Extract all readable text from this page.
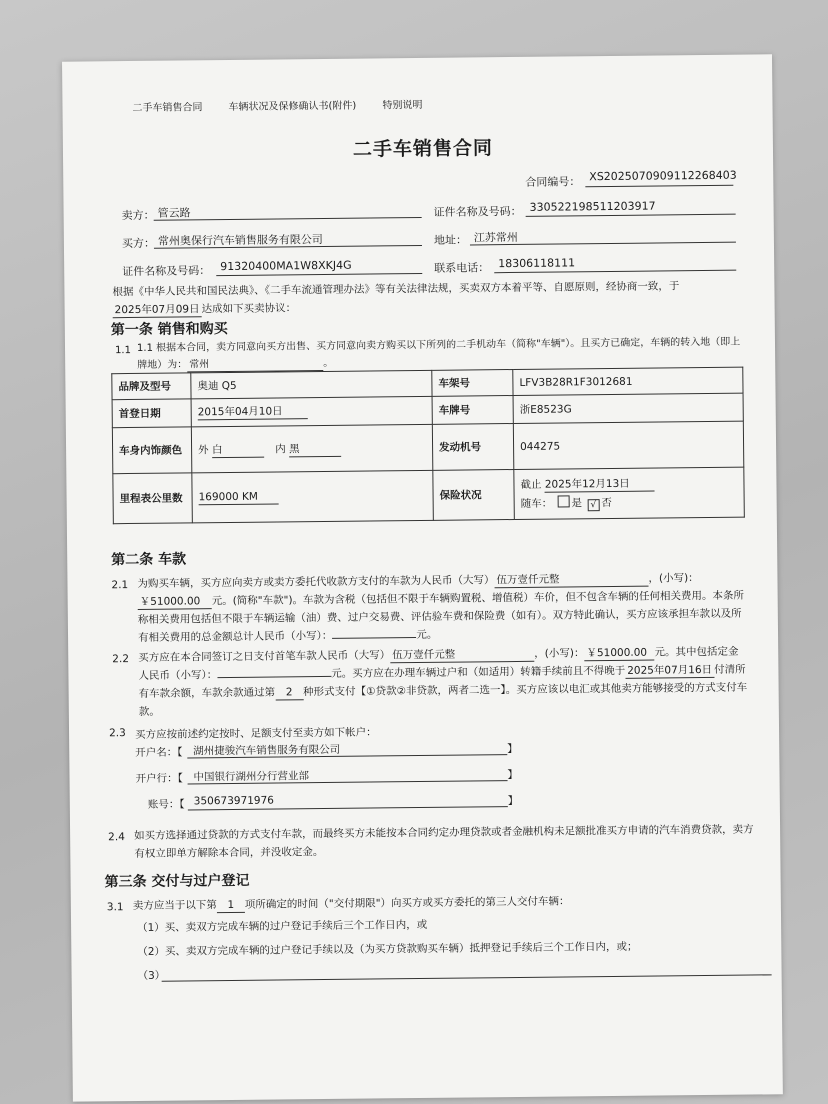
二手车销售合同	车辆状况及保修确认书(附件)	特别说明
二手车销售合同
合同编号： XS2025070909112268403
卖方： 管云路	证件名称及号码： 330522198511203917
买方： 常州奥保行汽车销售服务有限公司	地址： 江苏常州
证件名称及号码： 91320400MA1W8XKJ4G	联系电话： 18306118111
根据《中华人民共和国民法典》、《二手车流通管理办法》等有关法律法规，买卖双方本着平等、自愿原则，经协商一致，于2025年07月09日 达成如下买卖协议：
第一条 销售和购买
1.1 1.1 根据本合同，卖方同意向买方出售、买方同意向卖方购买以下所列的二手机动车（简称"车辆"）。且买方已确定，车辆的转入地（即上牌地）为： 常州	。
品牌及型号	奥迪 Q5	车架号	LFV3B28R1F3012681
首登日期	2015年04月10日	车牌号	浙E8523G
车身内饰颜色	外 白 内 黑	发动机号	044275
里程表公里数	169000 KM	保险状况	截止 2025年12月13日
随车： 是 √ 否
第二条 车款
2.1 为购买车辆，买方应向卖方或卖方委托代收款方支付的车款为人民币（大写） 伍万壹仟元整	，(小写)：￥51000.00 元。(简称"车款")。车款为含税（包括但不限于车辆购置税、增值税）车价，但不包含车辆的任何相关费用。本条所称相关费用包括但不限于车辆运输（油）费、过户交易费、评估验车费和保险费（如有）。双方特此确认，买方应该承担车款以及所有相关费用的总金额总计人民币（小写）：	元。
2.2 买方应在本合同签订之日支付首笔车款人民币（大写） 伍万壹仟元整	，(小写)： ￥51000.00 元。其中包括定金人民币（小写）：	元。买方应在办理车辆过户和（如适用）转籍手续前且不得晚于 2025年07月16日 付清所有车款余额，车款余款通过第 2 种形式支付【①贷款②非贷款，两者二选一】。买方应该以电汇或其他卖方能够接受的方式支付车款。
2.3 买方应按前述约定按时、足额支付至卖方如下帐户：
开户名：【 湖州捷骏汽车销售服务有限公司	】
开户行：【 中国银行湖州分行营业部	】
账号：【 350673971976	】
2.4 如买方选择通过贷款的方式支付车款，而最终买方未能按本合同约定办理贷款或者金融机构未足额批准买方申请的汽车消费贷款，卖方有权立即单方解除本合同，并没收定金。
第三条 交付与过户登记
3.1 卖方应当于以下第 1 项所确定的时间（"交付期限"）向买方或买方委托的第三人交付车辆：
（1）买、卖双方完成车辆的过户登记手续后三个工作日内，或
（2）买、卖双方完成车辆的过户登记手续以及（为买方贷款购买车辆）抵押登记手续后三个工作日内，或；
（3）
